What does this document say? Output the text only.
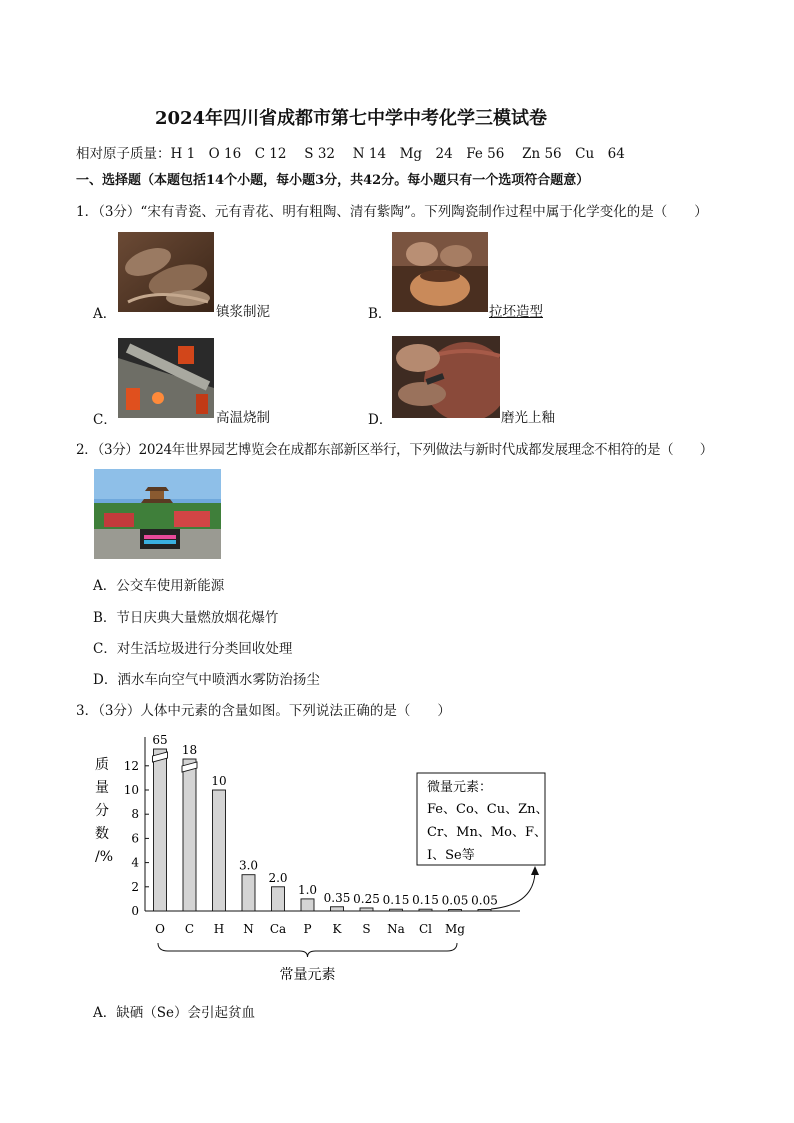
2024年四川省成都市第七中学中考化学三模试卷
相对原子质量：H 1　O 16　C 12　 S 32　 N 14　Mg　24　Fe 56　 Zn 56　Cu　64
一、选择题（本题包括14个小题，每小题3分，共42分。每小题只有一个选项符合题意）
1．（3分）“宋有青瓷、元有青花、明有粗陶、清有紫陶”。下列陶瓷制作过程中属于化学变化的是（　　）
A．	镇浆制泥	B．	拉坯造型
C．	高温烧制	D．	磨光上釉
2．（3分）2024年世界园艺博览会在成都东部新区举行，下列做法与新时代成都发展理念不相符的是（　　）
A．公交车使用新能源
B．节日庆典大量燃放烟花爆竹
C．对生活垃圾进行分类回收处理
D．洒水车向空气中喷洒水雾防治扬尘
3．（3分）人体中元素的含量如图。下列说法正确的是（　　）
质
量
分
数
/%
65
18
10
3.0
2.0
1.0
0.35 0.25 0.15 0.15 0.05 0.05
O C H N Ca P K S Na Cl Mg
0
2
4
6
8
10
12
常量元素
微量元素：
Fe、Co、Cu、Zn、
Cr、Mn、Mo、F、
I、Se等
A．缺硒（Se）会引起贫血
